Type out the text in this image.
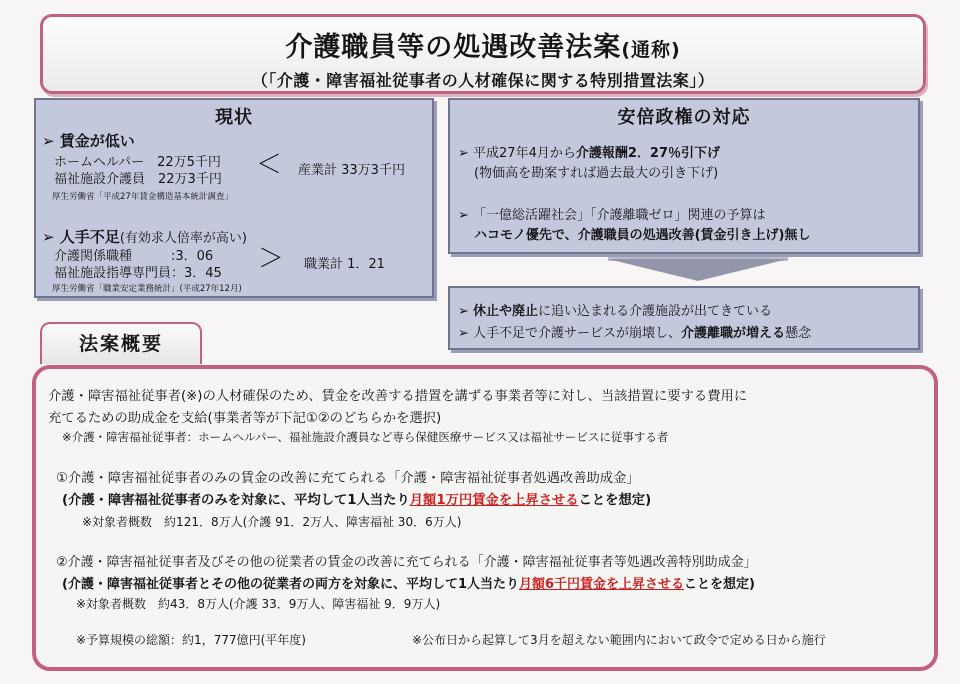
介護職員等の処遇改善法案(通称)
（「介護・障害福祉従事者の人材確保に関する特別措置法案」）
現状
➢ 賃金が低い
ホームヘルパー　22万5千円
福祉施設介護員　22万3千円 ＜ 産業計 33万3千円
厚生労働省「平成27年賃金構造基本統計調査」
➢ 人手不足(有効求人倍率が高い)
介護関係職種　　　:3．06
福祉施設指導専門員：3．45 ＞ 職業計 1．21
厚生労働省「職業安定業務統計」(平成27年12月)
安倍政権の対応
➢ 平成27年4月から介護報酬2．27％引下げ
(物価高を勘案すれば過去最大の引き下げ)
➢ 「一億総活躍社会」「介護離職ゼロ」関連の予算は
ハコモノ優先で、介護職員の処遇改善(賃金引き上げ)無し
➢ 休止や廃止に追い込まれる介護施設が出てきている
➢ 人手不足で介護サービスが崩壊し、介護離職が増える懸念
法案概要
介護・障害福祉従事者(※)の人材確保のため、賃金を改善する措置を講ずる事業者等に対し、当該措置に要する費用に
充てるための助成金を支給(事業者等が下記①②のどちらかを選択)
※介護・障害福祉従事者：ホームヘルパー、福祉施設介護員など専ら保健医療サービス又は福祉サービスに従事する者
①介護・障害福祉従事者のみの賃金の改善に充てられる「介護・障害福祉従事者処遇改善助成金」
(介護・障害福祉従事者のみを対象に、平均して1人当たり月額1万円賃金を上昇させることを想定)
※対象者概数　約121．8万人(介護 91．2万人、障害福祉 30．6万人)
②介護・障害福祉従事者及びその他の従業者の賃金の改善に充てられる「介護・障害福祉従事者等処遇改善特別助成金」
(介護・障害福祉従事者とその他の従業者の両方を対象に、平均して1人当たり月額6千円賃金を上昇させることを想定)
※対象者概数　約43．8万人(介護 33．9万人、障害福祉 9．9万人)
※予算規模の総額：約1，777億円(平年度)	※公布日から起算して3月を超えない範囲内において政令で定める日から施行
